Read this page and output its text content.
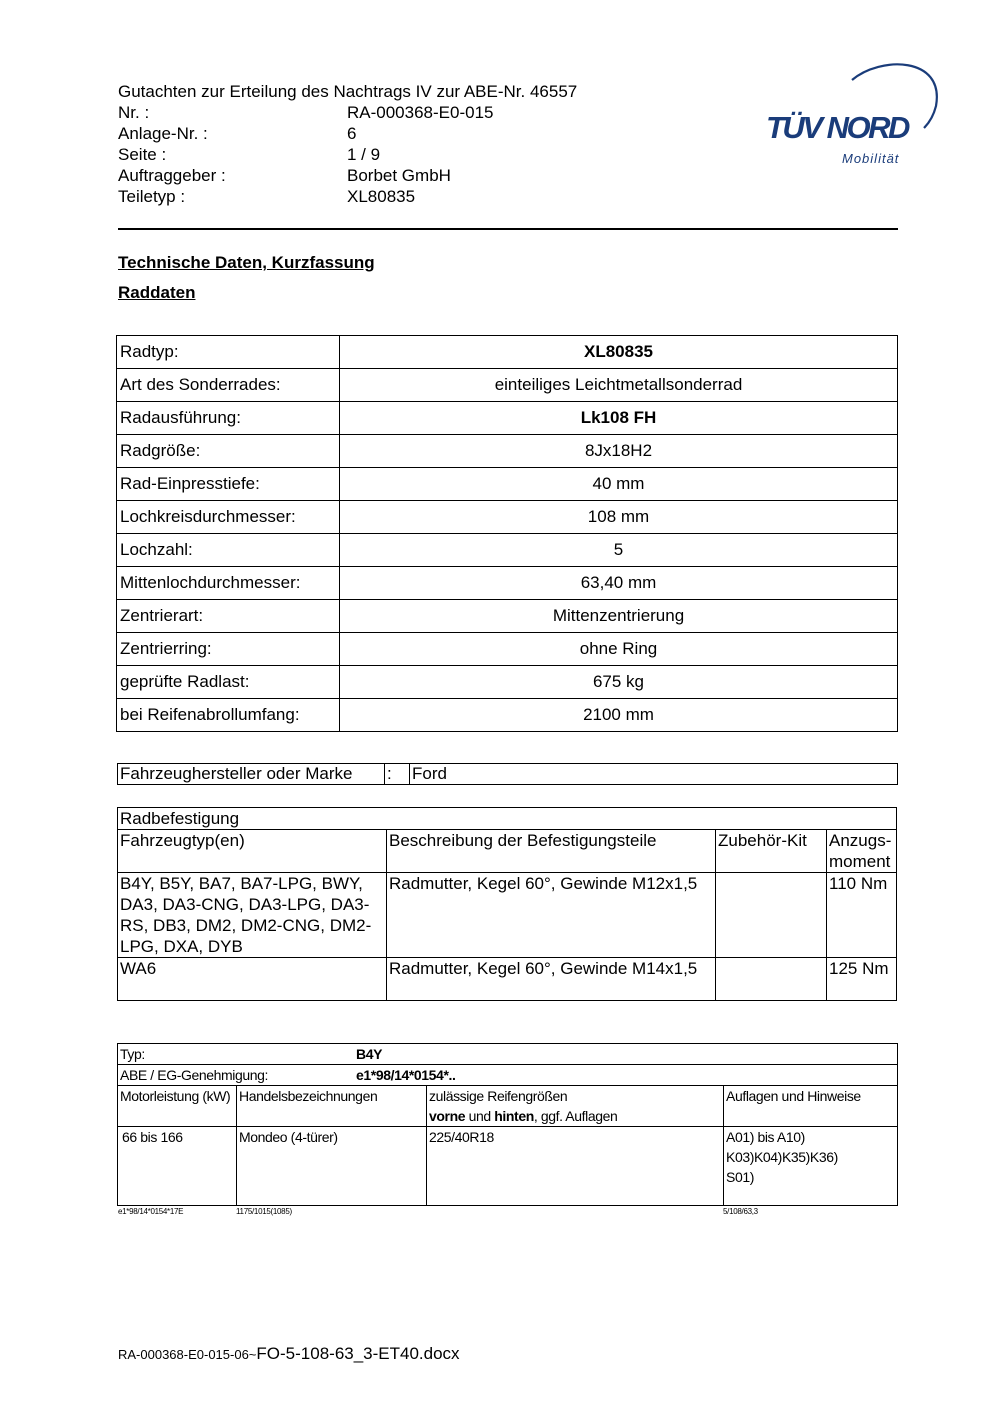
Gutachten zur Erteilung des Nachtrags IV zur ABE-Nr. 46557
Nr. :	RA-000368-E0-015
Anlage-Nr. :	6
Seite :	1 / 9
Auftraggeber :	Borbet GmbH
Teiletyp :	XL80835
TÜV NORD
Mobilität
Technische Daten, Kurzfassung
Raddaten
Radtyp:	XL80835
Art des Sonderrades:	einteiliges Leichtmetallsonderrad
Radausführung:	Lk108 FH
Radgröße:	8Jx18H2
Rad-Einpresstiefe:	40 mm
Lochkreisdurchmesser:	108 mm
Lochzahl:	5
Mittenlochdurchmesser:	63,40 mm
Zentrierart:	Mittenzentrierung
Zentrierring:	ohne Ring
geprüfte Radlast:	675 kg
bei Reifenabrollumfang:	2100 mm
Fahrzeughersteller oder Marke	:	Ford
Radbefestigung			
Fahrzeugtyp(en)	Beschreibung der Befestigungsteile	Zubehör-Kit	Anzugs-moment
B4Y, B5Y, BA7, BA7-LPG, BWY, DA3, DA3-CNG, DA3-LPG, DA3-RS, DB3, DM2, DM2-CNG, DM2-LPG, DXA, DYB	Radmutter, Kegel 60°, Gewinde M12x1,5		110 Nm
WA6	Radmutter, Kegel 60°, Gewinde M14x1,5		125 Nm
Typ: B4Y			
ABE / EG-Genehmigung: e1*98/14*0154*..			
Motorleistung (kW)	Handelsbezeichnungen	zulässige Reifengrößen
vorne und hinten, ggf. Auflagen	Auflagen und Hinweise
66 bis 166	Mondeo (4-türer)	225/40R18	A01) bis A10)
K03)K04)K35)K36)
S01)
e1*98/14*0154*17E	1175/1015(1085)	5/108/63,3
RA-000368-E0-015-06~FO-5-108-63_3-ET40.docx
